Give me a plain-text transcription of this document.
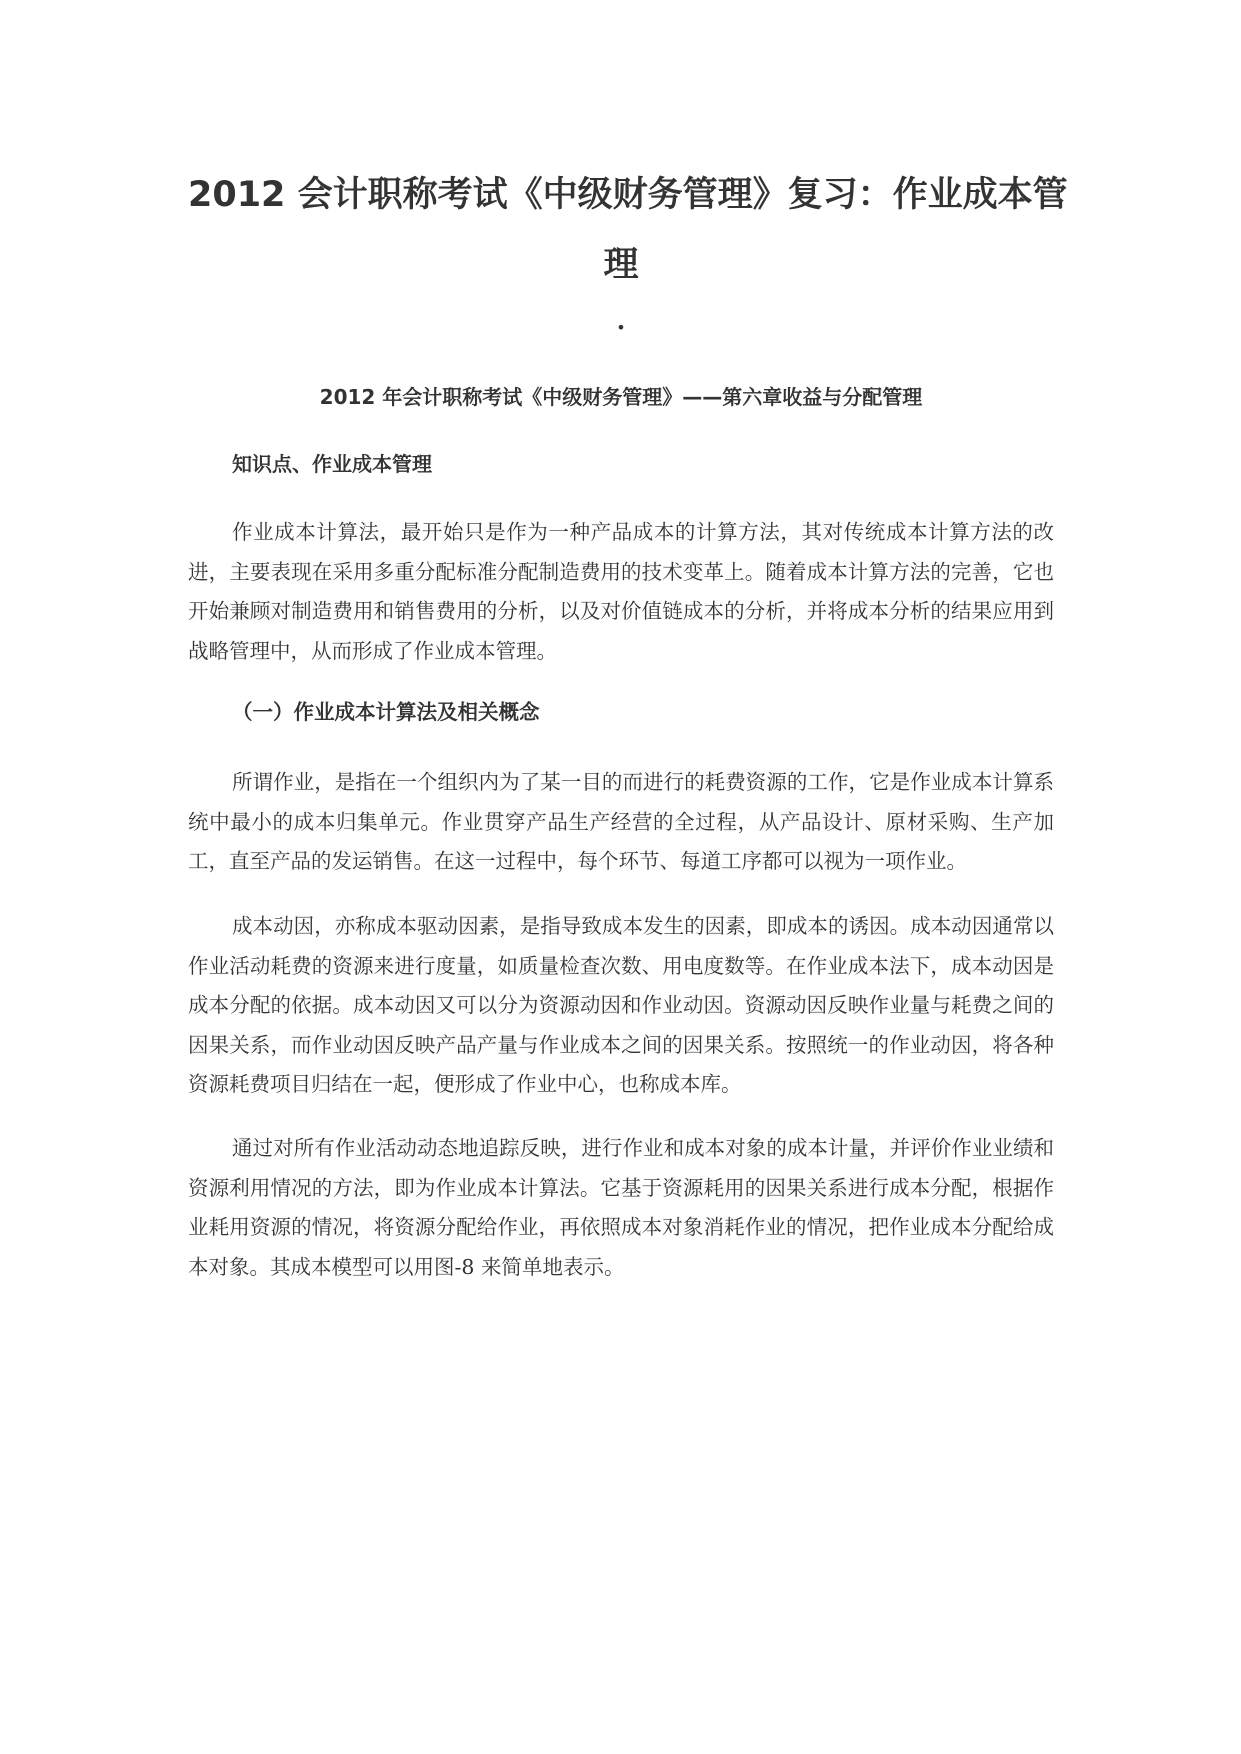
2012 会计职称考试《中级财务管理》复习：作业成本管
理
•
2012 年会计职称考试《中级财务管理》——第六章收益与分配管理
知识点、作业成本管理

作业成本计算法，最开始只是作为一种产品成本的计算方法，其对传统成本计算方法的改进，主要表现在采用多重分配标准分配制造费用的技术变革上。随着成本计算方法的完善，它也开始兼顾对制造费用和销售费用的分析，以及对价值链成本的分析，并将成本分析的结果应用到战略管理中，从而形成了作业成本管理。

（一）作业成本计算法及相关概念

所谓作业，是指在一个组织内为了某一目的而进行的耗费资源的工作，它是作业成本计算系统中最小的成本归集单元。作业贯穿产品生产经营的全过程，从产品设计、原材采购、生产加工，直至产品的发运销售。在这一过程中，每个环节、每道工序都可以视为一项作业。

成本动因，亦称成本驱动因素，是指导致成本发生的因素，即成本的诱因。成本动因通常以作业活动耗费的资源来进行度量，如质量检查次数、用电度数等。在作业成本法下，成本动因是成本分配的依据。成本动因又可以分为资源动因和作业动因。资源动因反映作业量与耗费之间的因果关系，而作业动因反映产品产量与作业成本之间的因果关系。按照统一的作业动因，将各种资源耗费项目归结在一起，便形成了作业中心，也称成本库。

通过对所有作业活动动态地追踪反映，进行作业和成本对象的成本计量，并评价作业业绩和资源利用情况的方法，即为作业成本计算法。它基于资源耗用的因果关系进行成本分配，根据作业耗用资源的情况，将资源分配给作业，再依照成本对象消耗作业的情况，把作业成本分配给成本对象。其成本模型可以用图-8 来简单地表示。
